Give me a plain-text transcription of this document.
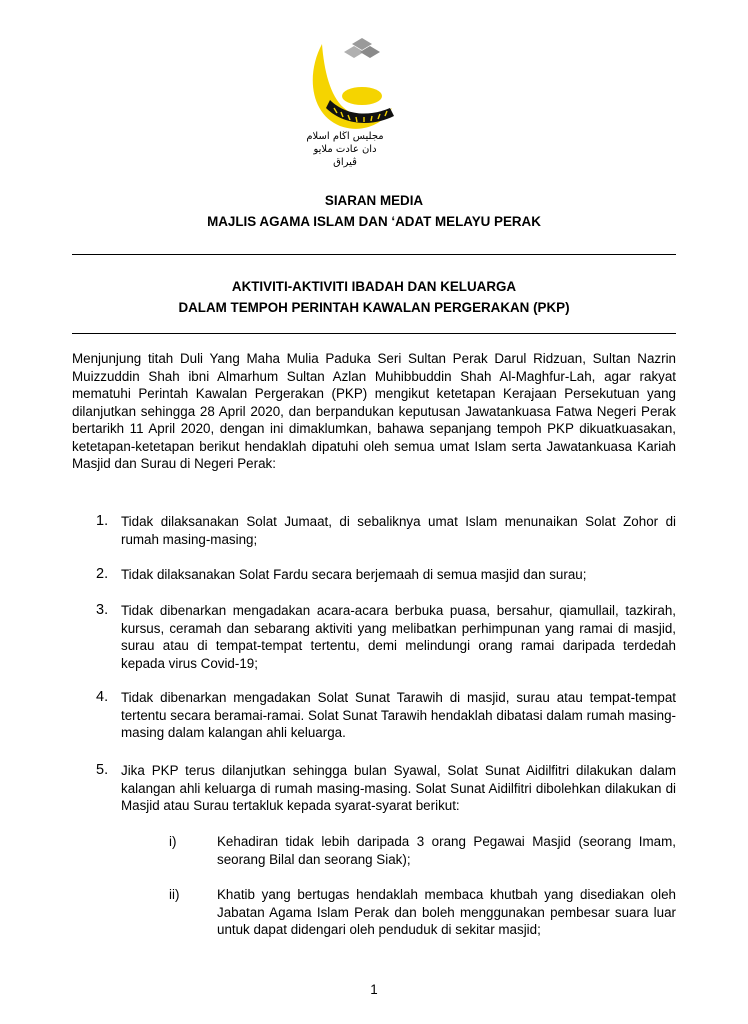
مجليس اڬام اسلام
دان عادت ملايو ڤيراق
SIARAN MEDIA
MAJLIS AGAMA ISLAM DAN ‘ADAT MELAYU PERAK
AKTIVITI-AKTIVITI IBADAH DAN KELUARGA
DALAM TEMPOH PERINTAH KAWALAN PERGERAKAN (PKP)
Menjunjung titah Duli Yang Maha Mulia Paduka Seri Sultan Perak Darul Ridzuan, Sultan Nazrin Muizzuddin Shah ibni Almarhum Sultan Azlan Muhibbuddin Shah Al-Maghfur-Lah, agar rakyat mematuhi Perintah Kawalan Pergerakan (PKP) mengikut ketetapan Kerajaan Persekutuan yang dilanjutkan sehingga 28 April 2020, dan berpandukan keputusan Jawatankuasa Fatwa Negeri Perak bertarikh 11 April 2020, dengan ini dimaklumkan, bahawa sepanjang tempoh PKP dikuatkuasakan, ketetapan-ketetapan berikut hendaklah dipatuhi oleh semua umat Islam serta Jawatankuasa Kariah Masjid dan Surau di Negeri Perak:
1. Tidak dilaksanakan Solat Jumaat, di sebaliknya umat Islam menunaikan Solat Zohor di rumah masing-masing;
2. Tidak dilaksanakan Solat Fardu secara berjemaah di semua masjid dan surau;
3. Tidak dibenarkan mengadakan acara-acara berbuka puasa, bersahur, qiamullail, tazkirah, kursus, ceramah dan sebarang aktiviti yang melibatkan perhimpunan yang ramai di masjid, surau atau di tempat-tempat tertentu, demi melindungi orang ramai daripada terdedah kepada virus Covid-19;
4. Tidak dibenarkan mengadakan Solat Sunat Tarawih di masjid, surau atau tempat-tempat tertentu secara beramai-ramai. Solat Sunat Tarawih hendaklah dibatasi dalam rumah masing-masing dalam kalangan ahli keluarga.
5. Jika PKP terus dilanjutkan sehingga bulan Syawal, Solat Sunat Aidilfitri dilakukan dalam kalangan ahli keluarga di rumah masing-masing. Solat Sunat Aidilfitri dibolehkan dilakukan di Masjid atau Surau tertakluk kepada syarat-syarat berikut:
i)	Kehadiran tidak lebih daripada 3 orang Pegawai Masjid (seorang Imam, seorang Bilal dan seorang Siak);
ii)	Khatib yang bertugas hendaklah membaca khutbah yang disediakan oleh Jabatan Agama Islam Perak dan boleh menggunakan pembesar suara luar untuk dapat didengari oleh penduduk di sekitar masjid;
1
